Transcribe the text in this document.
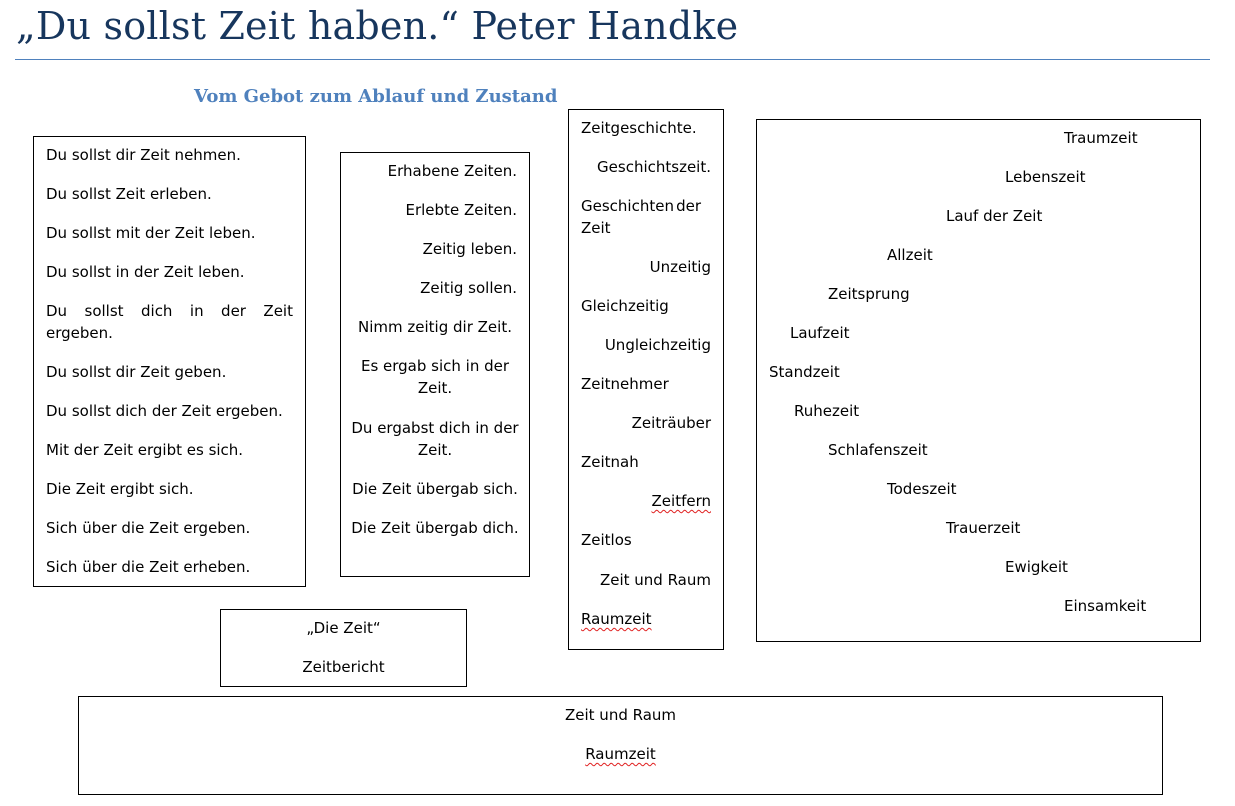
„Du sollst Zeit haben.“ Peter Handke
Vom Gebot zum Ablauf und Zustand
Du sollst dir Zeit nehmen.
Du sollst Zeit erleben.
Du sollst mit der Zeit leben.
Du sollst in der Zeit leben.
Du sollst dich in der Zeit
ergeben.
Du sollst dir Zeit geben.
Du sollst dich der Zeit ergeben.
Mit der Zeit ergibt es sich.
Die Zeit ergibt sich.
Sich über die Zeit ergeben.
Sich über die Zeit erheben.
Erhabene Zeiten.
Erlebte Zeiten.
Zeitig leben.
Zeitig sollen.
Nimm zeitig dir Zeit.
Es ergab sich in der
Zeit.
Du ergabst dich in der
Zeit.
Die Zeit übergab sich.
Die Zeit übergab dich.
Zeitgeschichte.
Geschichtszeit.
Geschichten der
Zeit
Unzeitig
Gleichzeitig
Ungleichzeitig
Zeitnehmer
Zeiträuber
Zeitnah
Zeitfern
Zeitlos
Zeit und Raum
Raumzeit
Traumzeit
Lebenszeit
Lauf der Zeit
Allzeit
Zeitsprung
Laufzeit
Standzeit
Ruhezeit
Schlafenszeit
Todeszeit
Trauerzeit
Ewigkeit
Einsamkeit
„Die Zeit“
Zeitbericht
Zeit und Raum
Raumzeit
